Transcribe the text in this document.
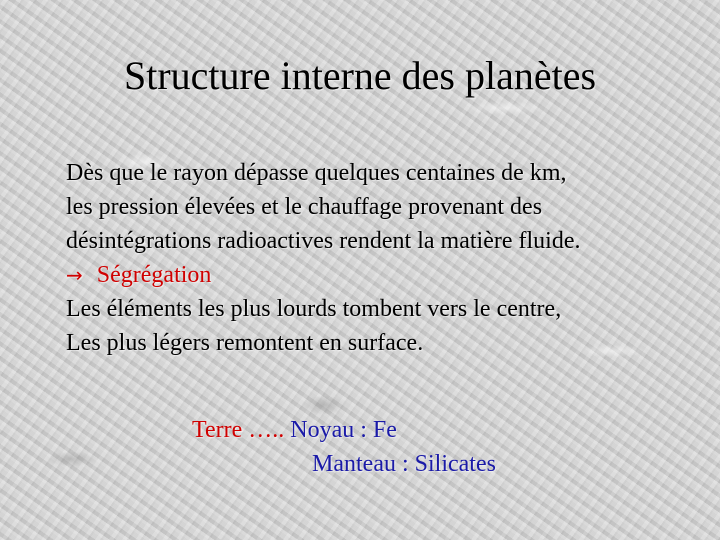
Structure interne des planètes
Dès que le rayon dépasse quelques centaines de km,
les pression élevées et le chauffage provenant des
désintégrations radioactives rendent la matière fluide.
→ Ségrégation
Les éléments les plus lourds tombent vers le centre,
Les plus légers remontent en surface.
Terre ….. Noyau : Fe
Manteau : Silicates
